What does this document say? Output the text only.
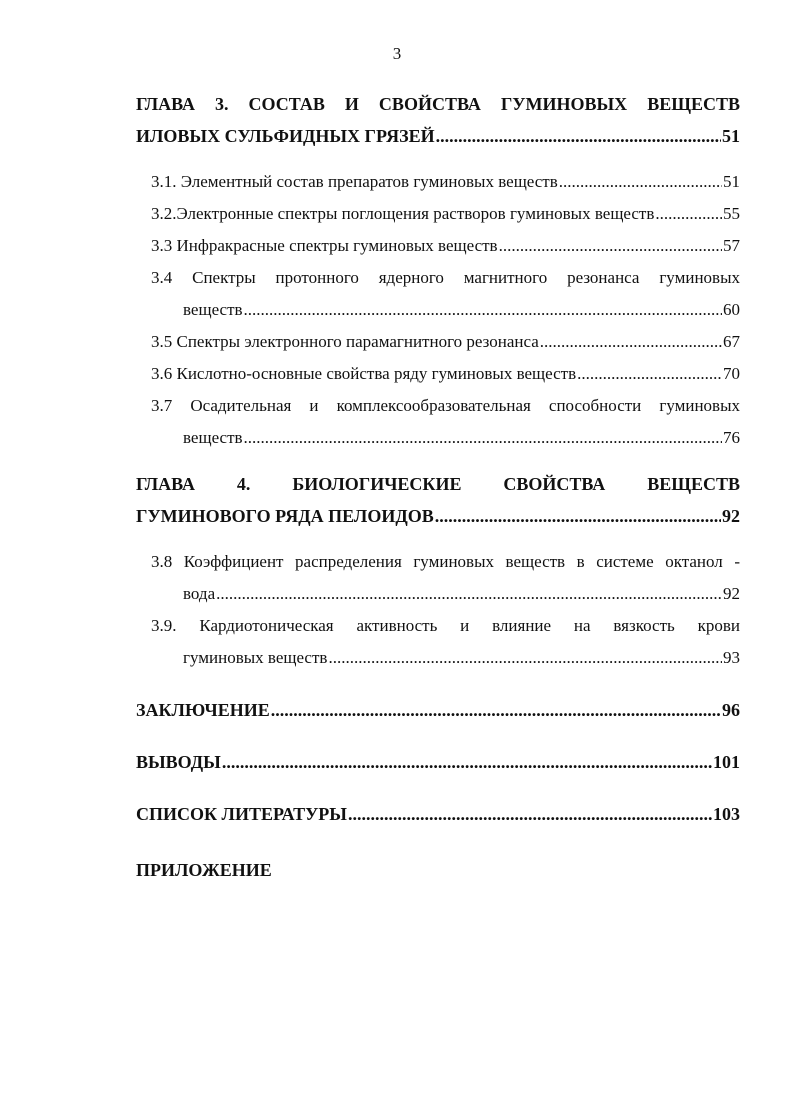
3
ГЛАВА 3. СОСТАВ И СВОЙСТВА ГУМИНОВЫХ ВЕЩЕСТВ
ИЛОВЫХ СУЛЬФИДНЫХ ГРЯЗЕЙ .....	51
3.1. Элементный состав препаратов гуминовых веществ .....	51
3.2.Электронные спектры поглощения растворов гуминовых веществ .....	55
3.3 Инфракрасные спектры гуминовых веществ .....	57
3.4 Спектры протонного ядерного магнитного резонанса гуминовых
веществ .....	60
3.5 Спектры электронного парамагнитного резонанса .....	67
3.6 Кислотно-основные свойства ряду гуминовых веществ .....	70
3.7 Осадительная и комплексообразовательная способности гуминовых
веществ .....	76
ГЛАВА 4. БИОЛОГИЧЕСКИЕ СВОЙСТВА ВЕЩЕСТВ
ГУМИНОВОГО РЯДА ПЕЛОИДОВ .....	92
3.8 Коэффициент распределения гуминовых веществ в системе октанол -
вода .....	92
3.9. Кардиотоническая активность и влияние на вязкость крови
гуминовых веществ .....	93
ЗАКЛЮЧЕНИЕ .....	96
ВЫВОДЫ .....	101
СПИСОК ЛИТЕРАТУРЫ .....	103
ПРИЛОЖЕНИЕ
